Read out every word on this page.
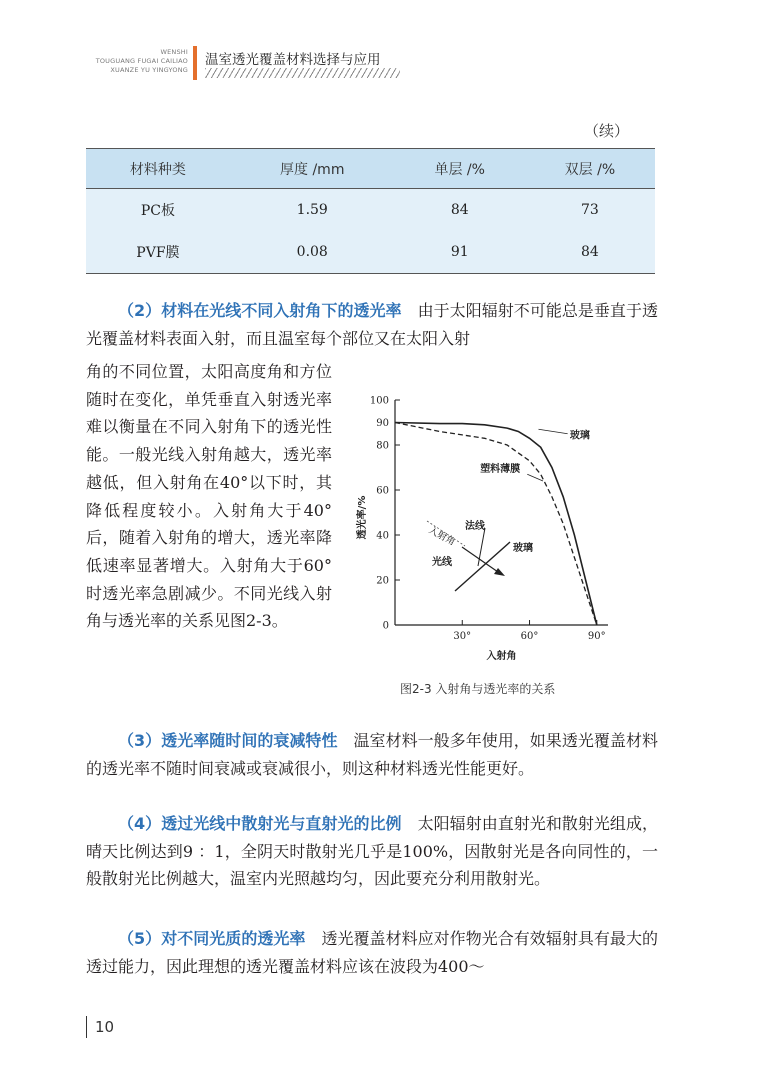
WENSHI
TOUGUANG FUGAI CAILIAO
XUANZE YU YINGYONG
温室透光覆盖材料选择与应用
（续）
材料种类	厚度 /mm	单层 /%	双层 /%
PC板	1.59	84	73
PVF膜	0.08	91	84

（2）材料在光线不同入射角下的透光率　 由于太阳辐射不可能总是垂直于透光覆盖材料表面入射，而且温室每个部位又在太阳入射

角的不同位置，太阳高度角和方位随时在变化，单凭垂直入射透光率难以衡量在不同入射角下的透光性能。一般光线入射角越大，透光率越低，但入射角在40°以下时，其降低程度较小。入射角大于40°后，随着入射角的增大，透光率降低速率显著增大。入射角大于60°时透光率急剧减少。不同光线入射角与透光率的关系见图2-3。	0
20
40
60
80
90
100
30°	60°	90°
玻璃
塑料薄膜
入射角
透光率/%	法线
入射角
玻璃
光线
图2-3 入射角与透光率的关系

（3）透光率随时间的衰减特性　 温室材料一般多年使用，如果透光覆盖材料的透光率不随时间衰减或衰减很小，则这种材料透光性能更好。

（4）透过光线中散射光与直射光的比例　 太阳辐射由直射光和散射光组成，晴天比例达到9 ：1，全阴天时散射光几乎是100%，因散射光是各向同性的，一般散射光比例越大，温室内光照越均匀，因此要充分利用散射光。

（5）对不同光质的透光率　 透光覆盖材料应对作物光合有效辐射具有最大的透过能力，因此理想的透光覆盖材料应该在波段为400～

10
